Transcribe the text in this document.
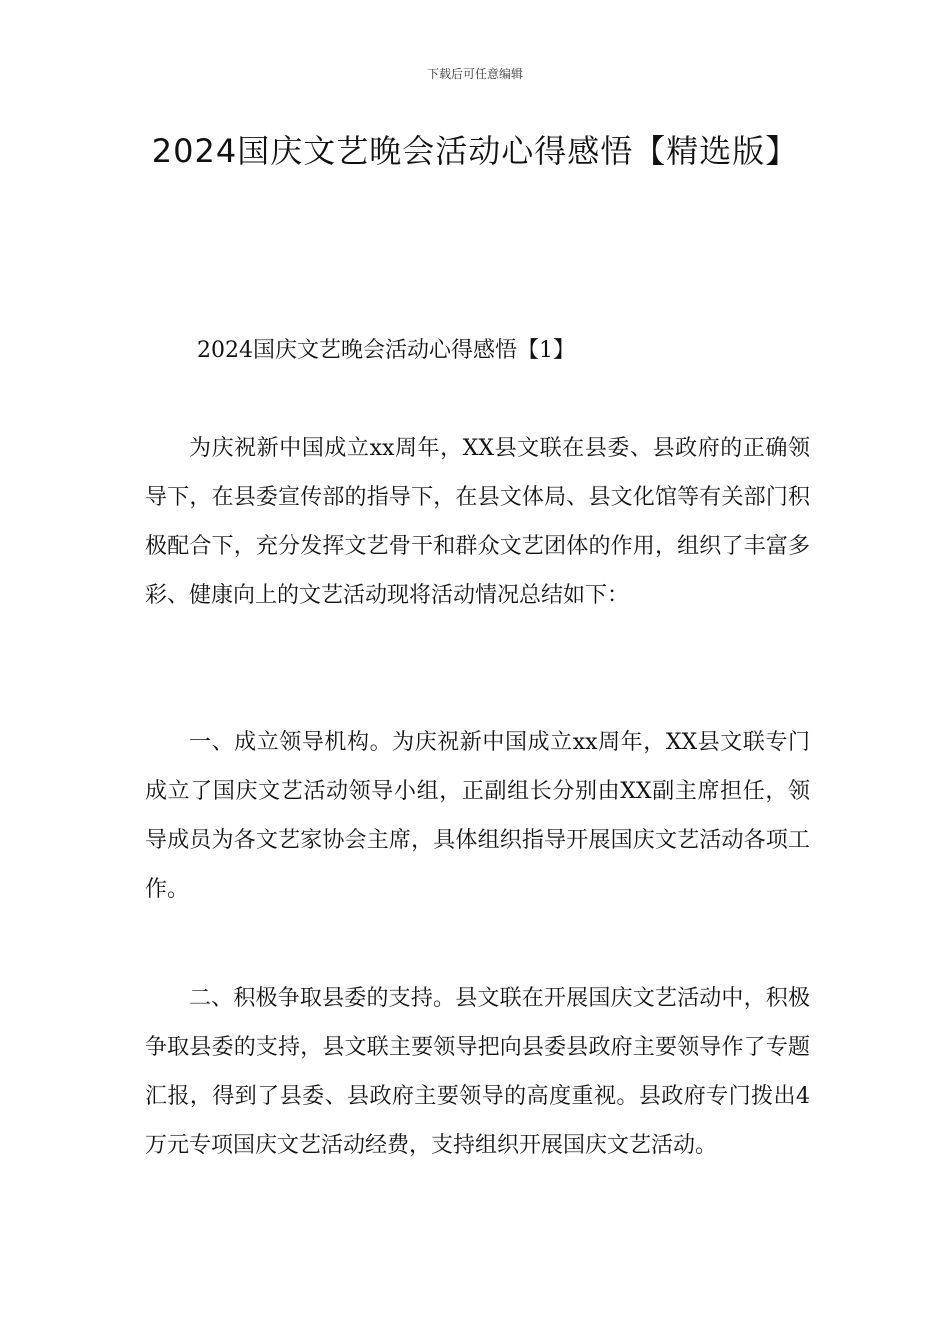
下载后可任意编辑
2024国庆文艺晚会活动心得感悟【精选版】
2024国庆文艺晚会活动心得感悟【1】

为庆祝新中国成立xx周年，XX县文联在县委、县政府的正确领导下，在县委宣传部的指导下，在县文体局、县文化馆等有关部门积极配合下，充分发挥文艺骨干和群众文艺团体的作用，组织了丰富多彩、健康向上的文艺活动现将活动情况总结如下：

一、成立领导机构。为庆祝新中国成立xx周年，XX县文联专门成立了国庆文艺活动领导小组，正副组长分别由XX副主席担任，领导成员为各文艺家协会主席，具体组织指导开展国庆文艺活动各项工作。

二、积极争取县委的支持。县文联在开展国庆文艺活动中，积极争取县委的支持，县文联主要领导把向县委县政府主要领导作了专题汇报，得到了县委、县政府主要领导的高度重视。县政府专门拨出4万元专项国庆文艺活动经费，支持组织开展国庆文艺活动。
